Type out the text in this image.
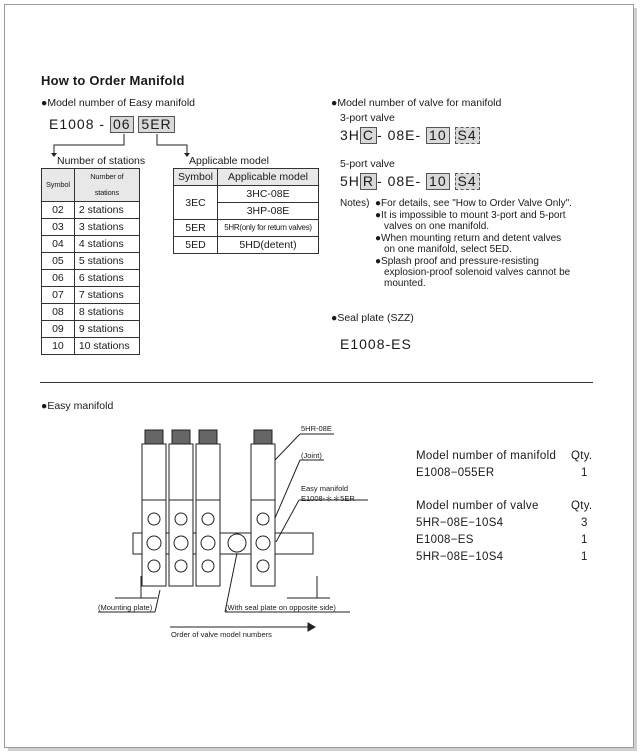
How to Order Manifold
●Model number of Easy manifold
E1008 - 06 5ER
Number of stations	Applicable model
Symbol	Number of stations
02	2 stations
03	3 stations
04	4 stations
05	5 stations
06	6 stations
07	7 stations
08	8 stations
09	9 stations
10	10 stations
Symbol	Applicable model
3EC	3HC-08E
	3HP-08E
5ER	5HR(only for return valves)
5ED	5HD(detent)
●Model number of valve for manifold
3-port valve
3H C - 08E- 10 S4
5-port valve
5H R - 08E- 10 S4
Notes) ●For details, see "How to Order Valve Only".
●It is impossible to mount 3-port and 5-port
valves on one manifold.
●When mounting return and detent valves
on one manifold, select 5ED.
●Splash proof and pressure-resisting
explosion-proof solenoid valves cannot be
mounted.
●Seal plate (SZZ)
E1008-ES
●Easy manifold
5HR-08E
(Joint)
Easy manifold
E1008-＊＊5ER
(Mounting plate)	(With seal plate on opposite side)
Order of valve model numbers
Model number of manifold Qty.
E1008−055ER	1
Model number of valve	Qty.
5HR−08E−10S4	3
E1008−ES	1
5HR−08E−10S4	1
